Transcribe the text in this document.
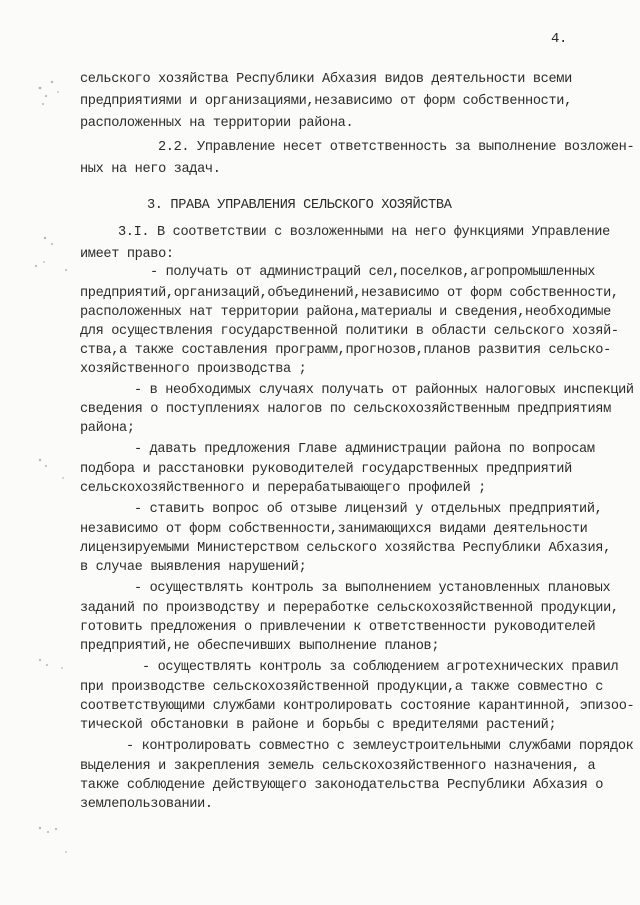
4.
сельского хозяйства Республики Абхазия видов деятельности всеми
предприятиями и организациями,независимо от форм собственности,
расположенных на территории района.
2.2. Управление несет ответственность за выполнение возложен-
ных на него задач.
3. ПРАВА УПРАВЛЕНИЯ СЕЛЬСКОГО ХОЗЯЙСТВА
3.I. В соответствии с возложенными на него функциями Управление
имеет право:
- получать от администраций сел,поселков,агропромышленных
предприятий,организаций,объединений,независимо от форм собственности,
расположенных нат территории района,материалы и сведения,необходимые
для осуществления государственной политики в области сельского хозяй-
ства,а также составления программ,прогнозов,планов развития сельско-
хозяйственного производства ;
- в необходимых случаях получать от районных налоговых инспекций
сведения о поступлениях налогов по сельскохозяйственным предприятиям
района;
- давать предложения Главе администрации района по вопросам
подбора и расстановки руководителей государственных предприятий
сельскохозяйственного и перерабатывающего профилей ;
- ставить вопрос об отзыве лицензий у отдельных предприятий,
независимо от форм собственности,занимающихся видами деятельности
лицензируемыми Министерством сельского хозяйства Республики Абхазия,
в случае выявления нарушений;
- осуществлять контроль за выполнением установленных плановых
заданий по производству и переработке сельскохозяйственной продукции,
готовить предложения о привлечении к ответственности руководителей
предприятий,не обеспечивших выполнение планов;
- осуществлять контроль за соблюдением агротехнических правил
при производстве сельскохозяйственной продукции,а также совместно с
соответствующими службами контролировать состояние карантинной, эпизоо-
тической обстановки в районе и борьбы с вредителями растений;
- контролировать совместно с землеустроительными службами порядок
выделения и закрепления земель сельскохозяйственного назначения, а
также соблюдение действующего законодательства Республики Абхазия о
землепользовании.
